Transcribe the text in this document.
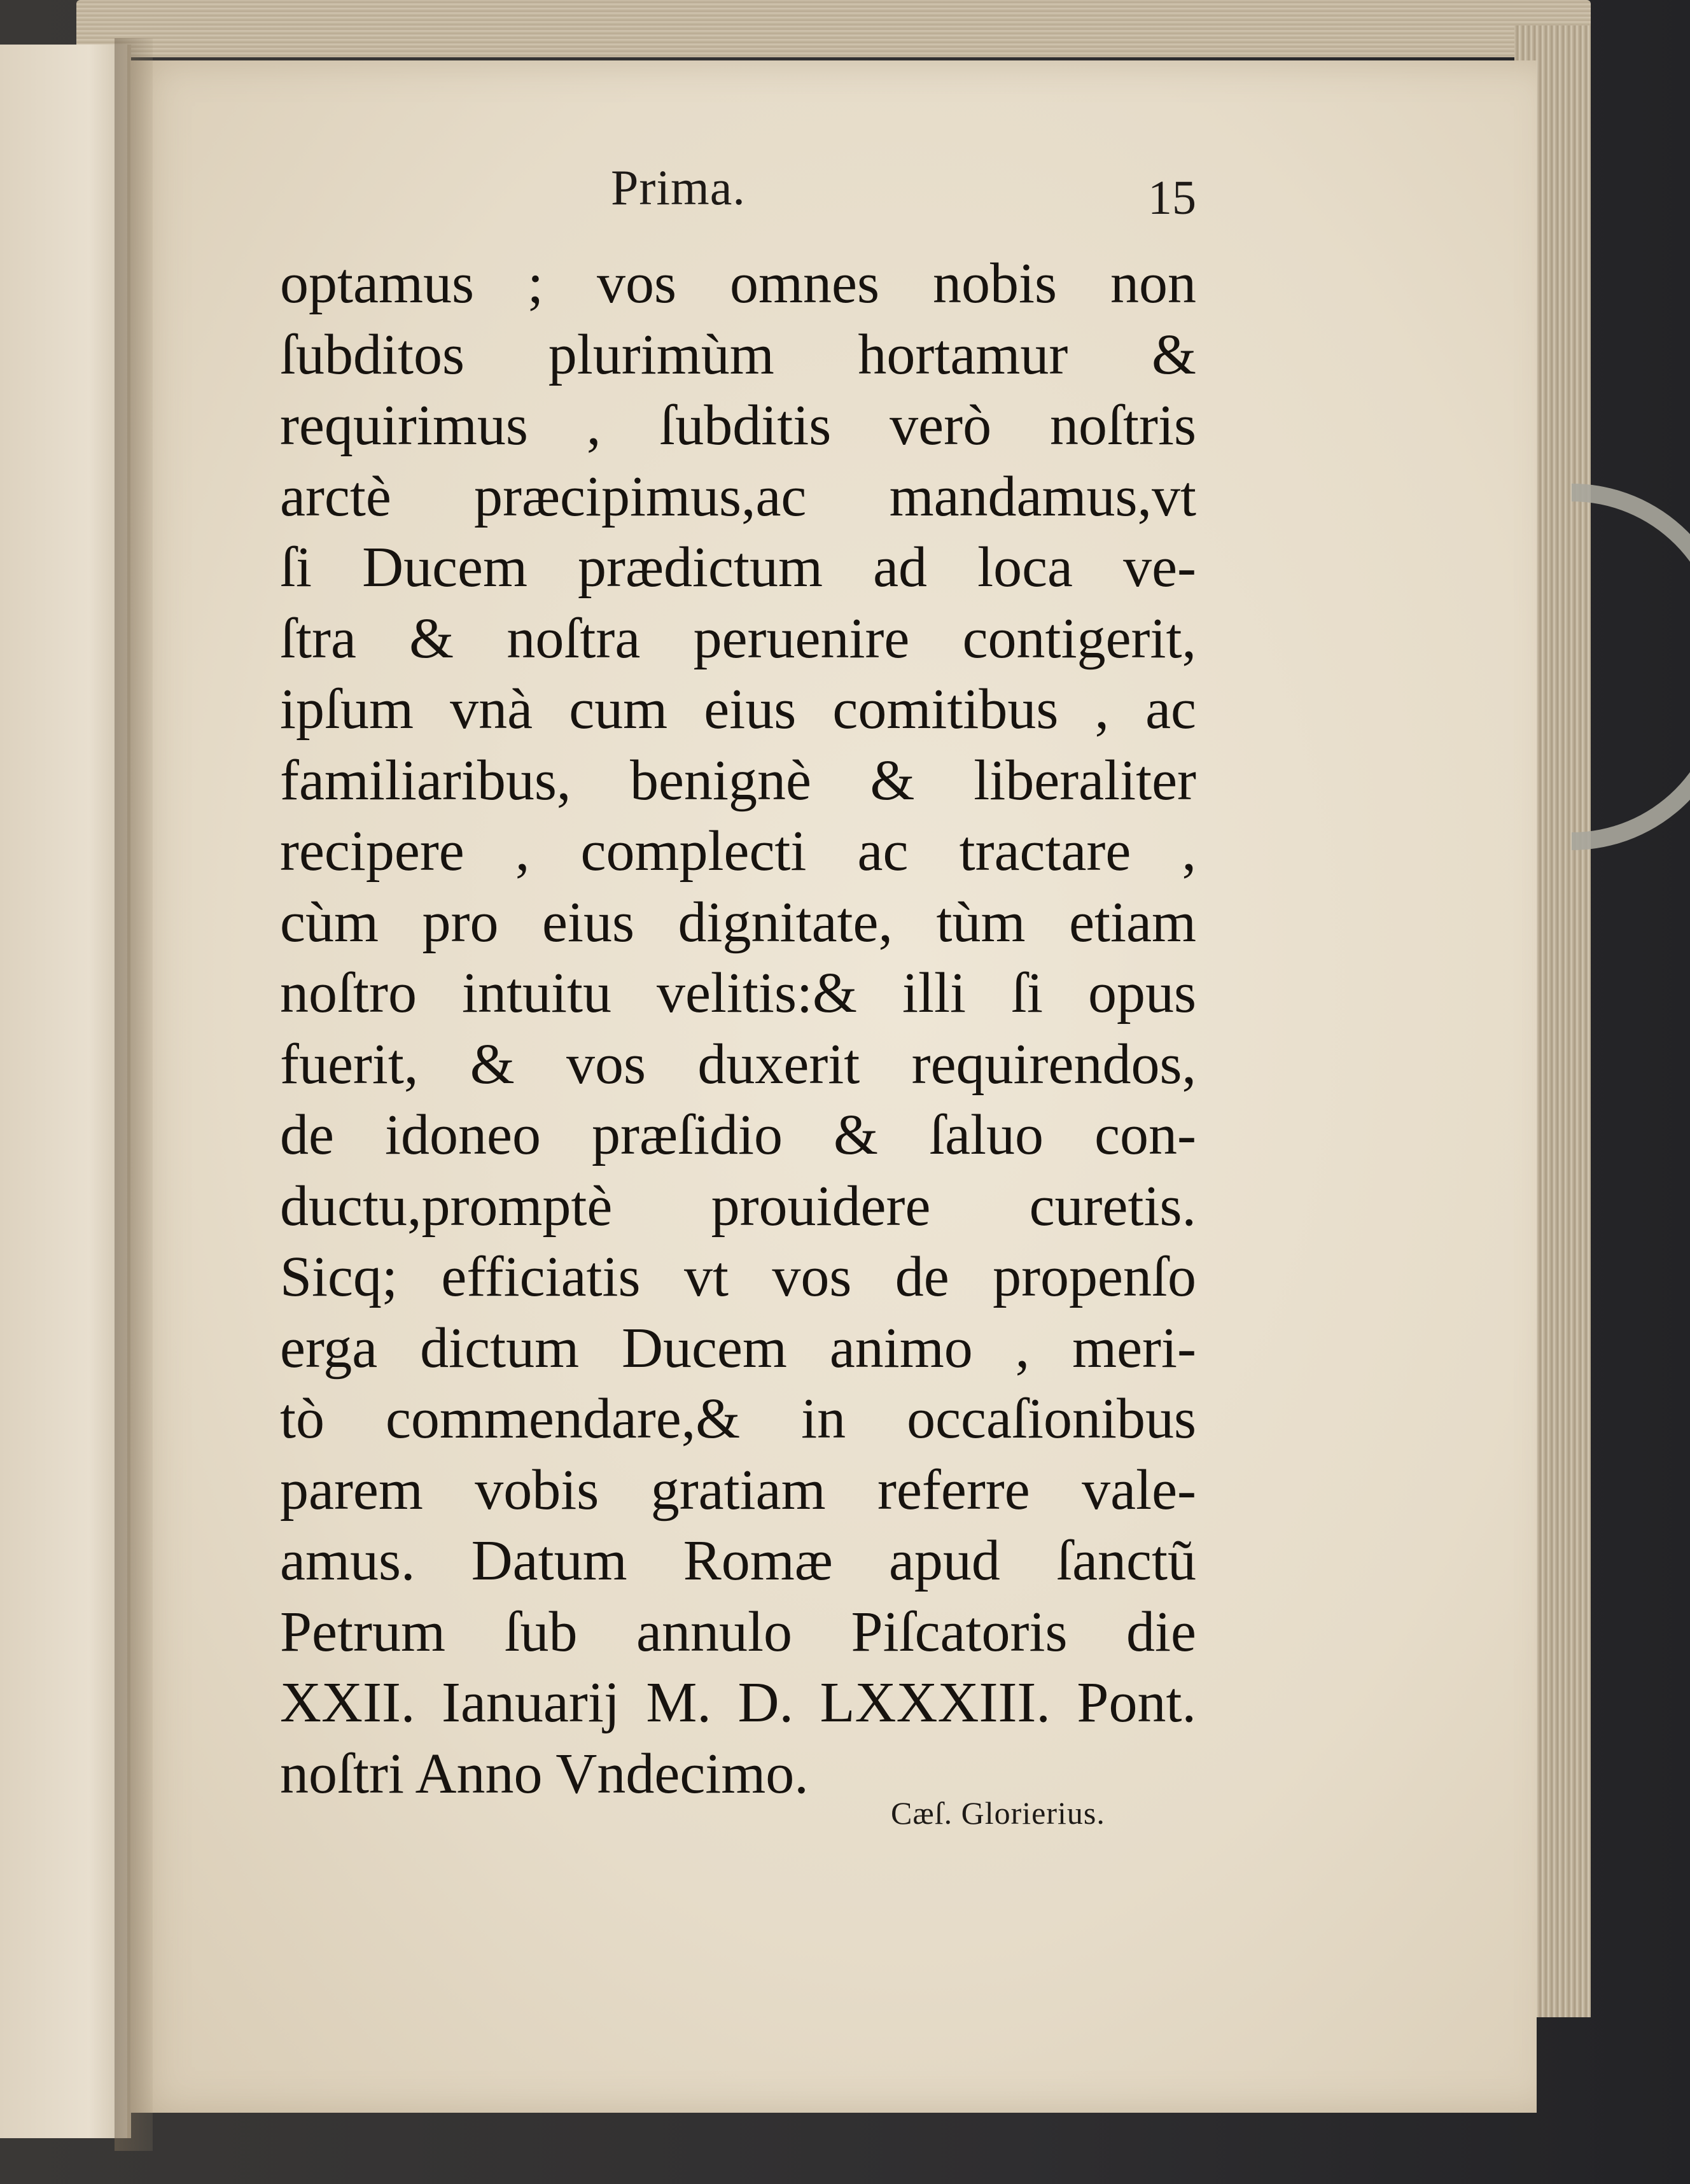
Prima.	15
optamus ; vos omnes nobis non
ſubditos plurimùm hortamur &
requirimus , ſubditis verò noſtris
arctè præcipimus,ac mandamus,vt
ſi Ducem prædictum ad loca ve-
ſtra & noſtra peruenire contigerit,
ipſum vnà cum eius comitibus , ac
familiaribus, benignè & liberaliter
recipere , complecti ac tractare ,
cùm pro eius dignitate, tùm etiam
noſtro intuitu velitis:& illi ſi opus
fuerit, & vos duxerit requirendos,
de idoneo præſidio & ſaluo con-
ductu,promptè prouidere curetis.
Sicq; efficiatis vt vos de propenſo
erga dictum Ducem animo , meri-
tò commendare,& in occaſionibus
parem vobis gratiam referre vale-
amus. Datum Romæ apud ſanctũ
Petrum ſub annulo Piſcatoris die
XXII. Ianuarij M. D. LXXXIII. Pont.
noſtri Anno Vndecimo.
Cæſ. Glorierius.
